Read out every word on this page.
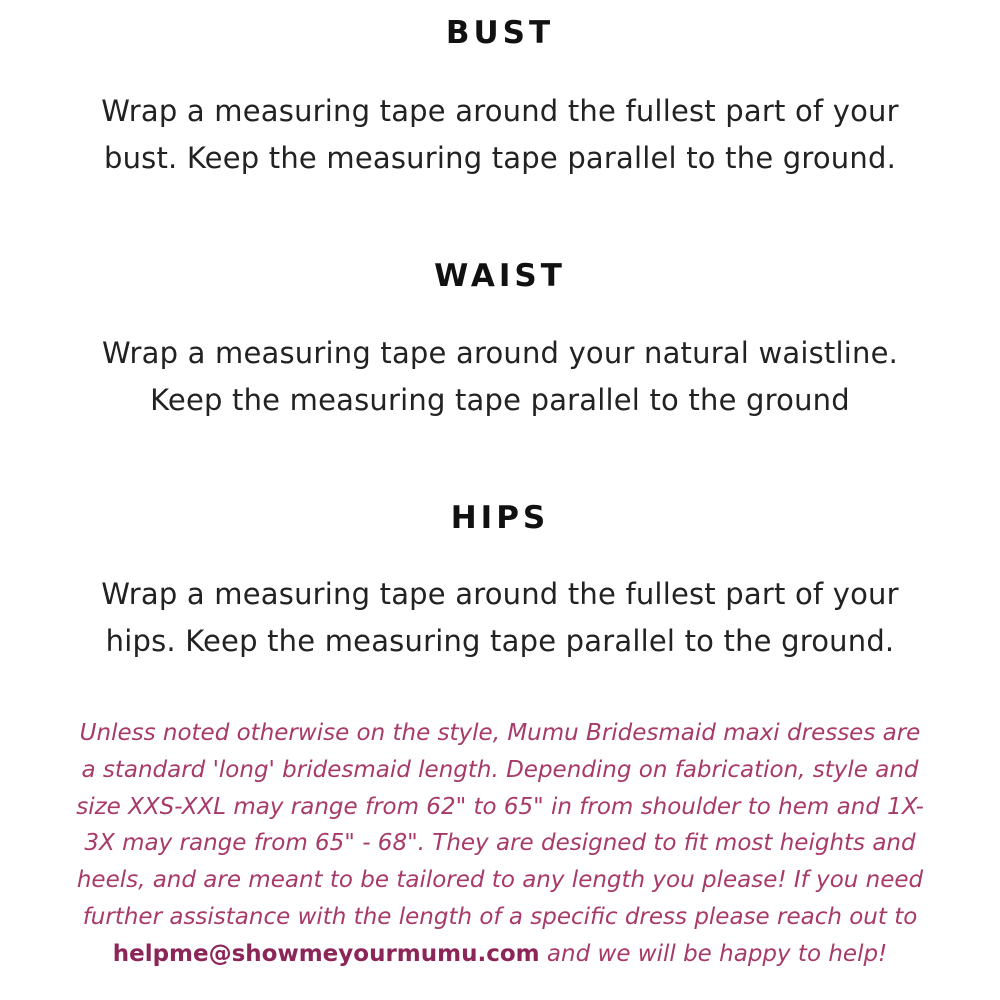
BUST
Wrap a measuring tape around the fullest part of your
bust. Keep the measuring tape parallel to the ground.
WAIST
Wrap a measuring tape around your natural waistline.
Keep the measuring tape parallel to the ground
HIPS
Wrap a measuring tape around the fullest part of your
hips. Keep the measuring tape parallel to the ground.
Unless noted otherwise on the style, Mumu Bridesmaid maxi dresses are
a standard 'long' bridesmaid length. Depending on fabrication, style and
size XXS-XXL may range from 62" to 65" in from shoulder to hem and 1X-
3X may range from 65" - 68". They are designed to fit most heights and
heels, and are meant to be tailored to any length you please! If you need
further assistance with the length of a specific dress please reach out to
helpme@showmeyourmumu.com and we will be happy to help!
